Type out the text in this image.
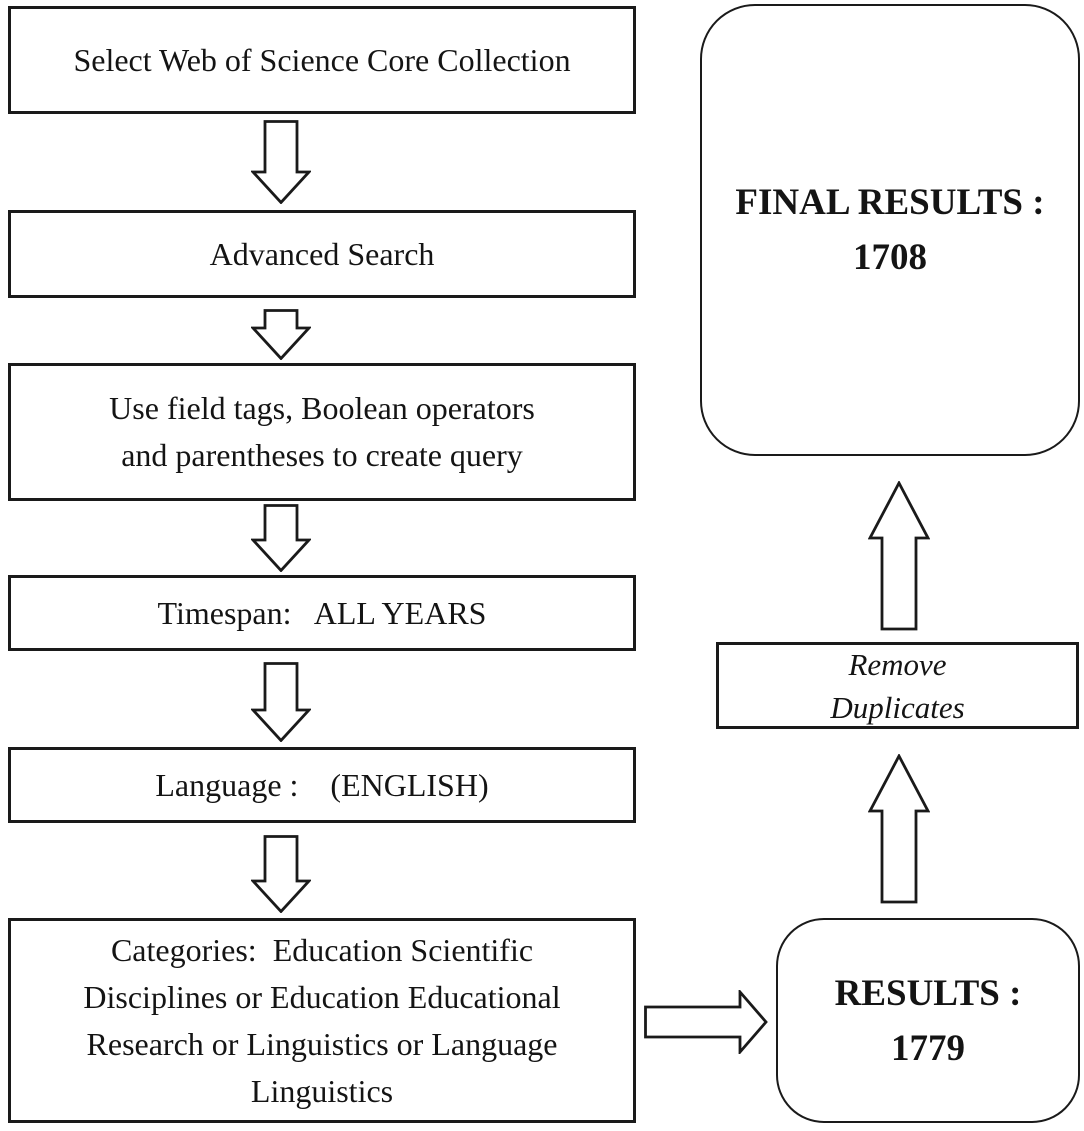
Select Web of Science Core Collection
Advanced Search
Use field tags, Boolean operators
and parentheses to create query
Timespan:   ALL YEARS
Language :    (ENGLISH)
Categories:  Education Scientific
Disciplines or Education Educational
Research or Linguistics or Language
Linguistics
RESULTS :
1779
Remove
Duplicates
FINAL RESULTS :
1708
